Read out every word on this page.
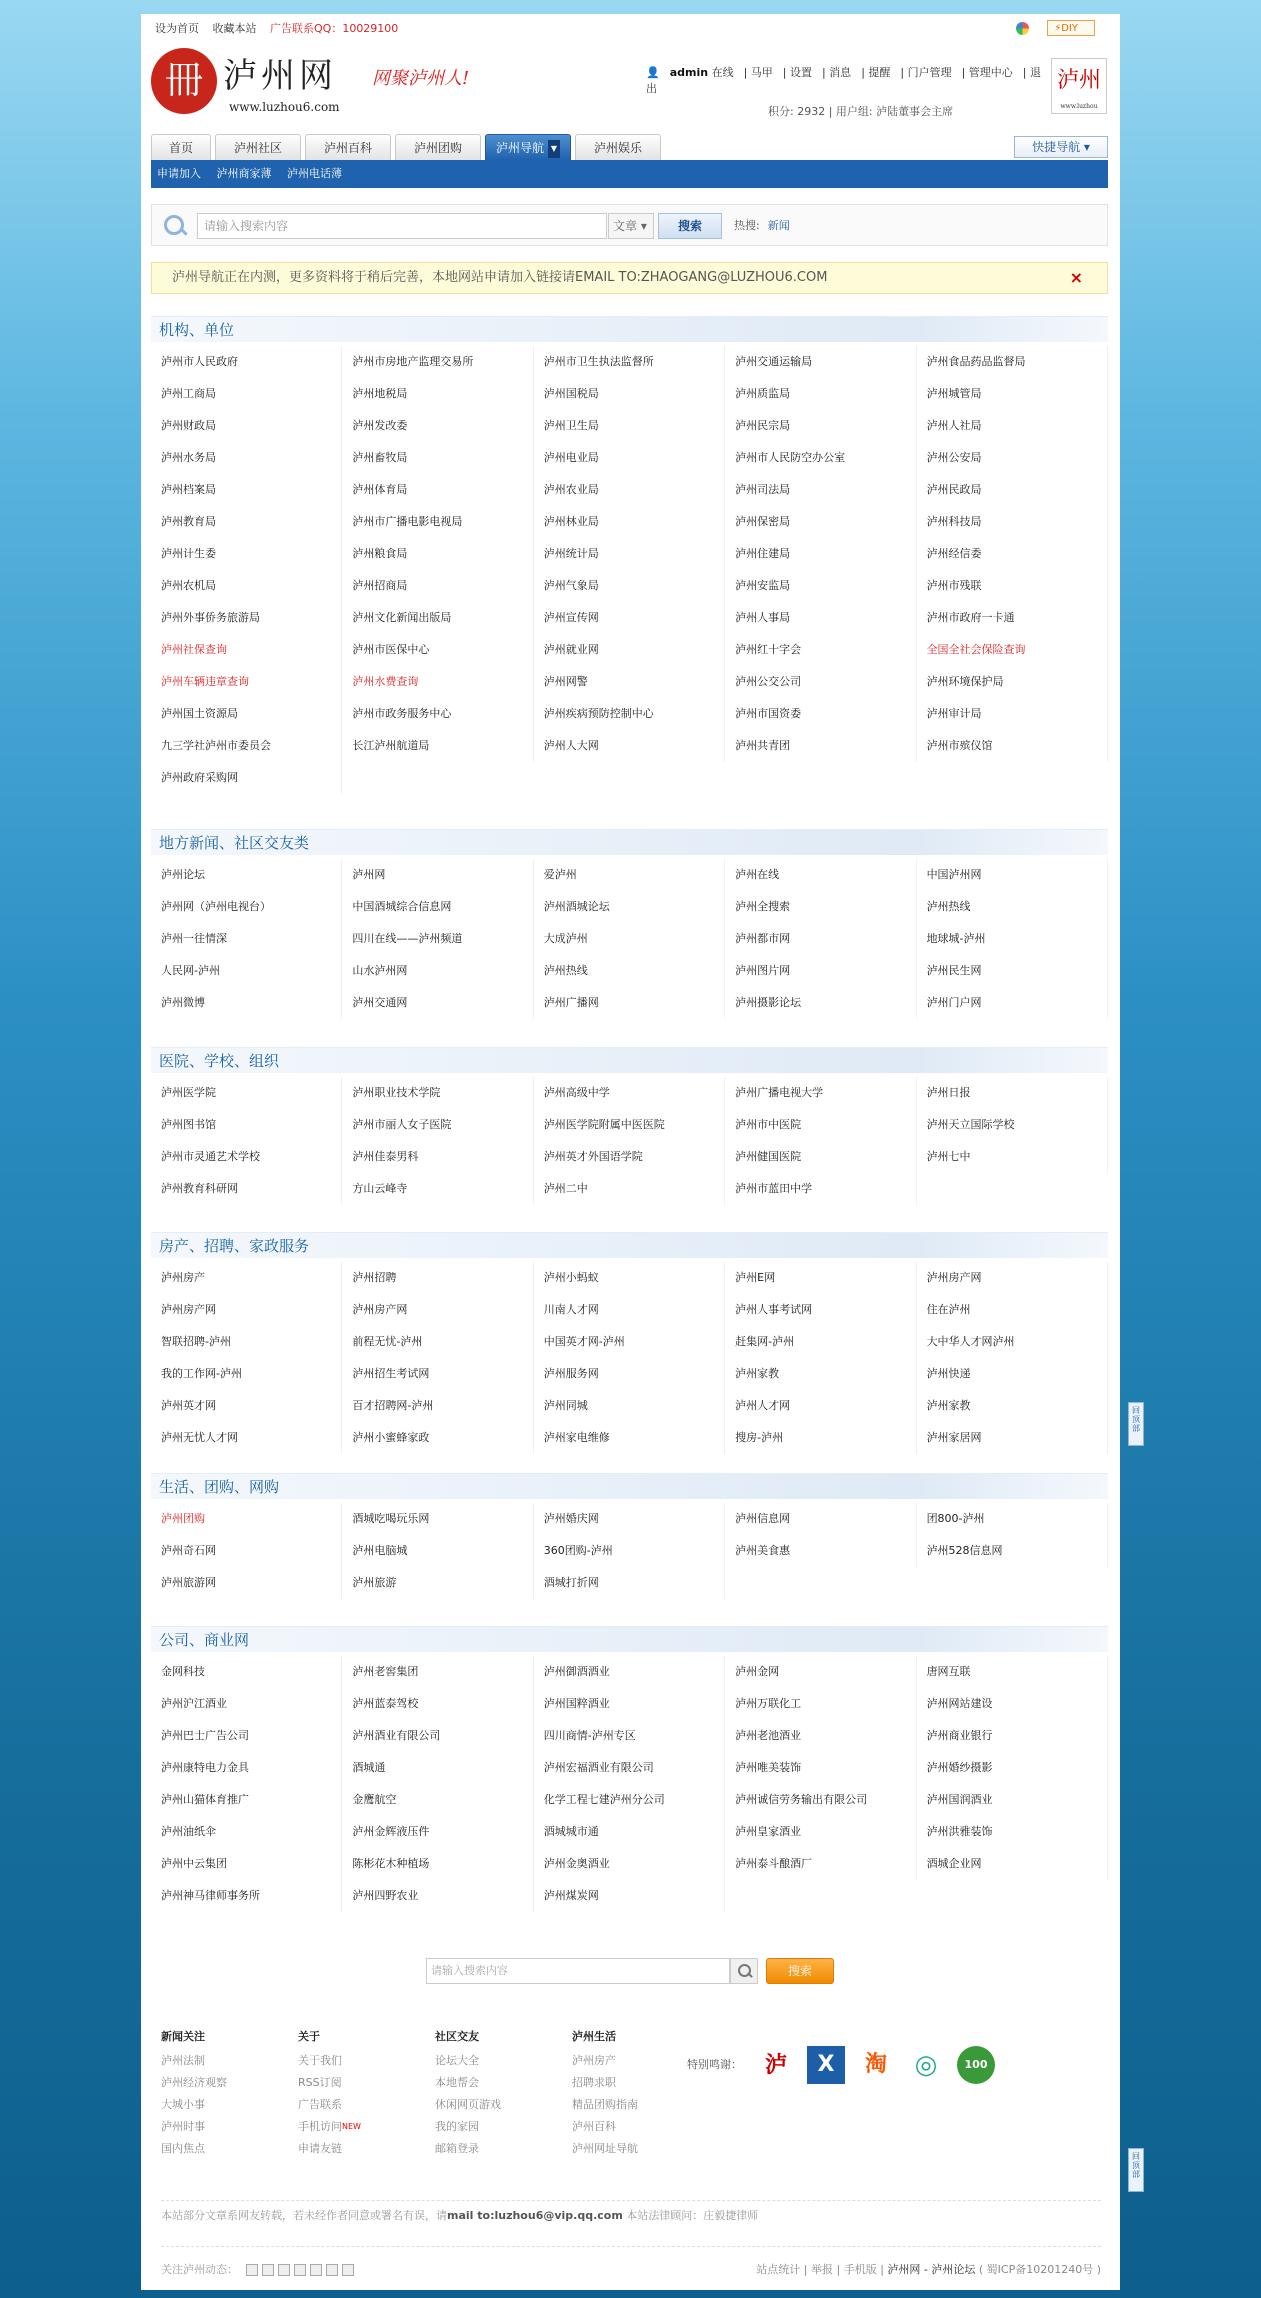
设为首页 收藏本站 广告联系QQ：10029100	⚡DIY
冊 泸州网
www.luzhou6.com
网聚泸州人!	👤 admin 在线 | 马甲 | 设置 | 消息 | 提醒 | 门户管理 | 管理中心 | 退出
积分: 2932 | 用户组: 泸陆董事会主席
泸州
www.luzhou
首页	泸州社区	泸州百科	泸州团购	泸州导航 ▼	泸州娱乐	快捷导航 ▾
申请加入 泸州商家薄 泸州电话薄
请输入搜索内容	文章 ▾	搜索	热搜: 新闻
泸州导航正在内测，更多资料将于稍后完善，本地网站申请加入链接请EMAIL TO:ZHAOGANG@LUZHOU6.COM	×
机构、单位
泸州市人民政府	泸州市房地产监理交易所	泸州市卫生执法监督所	泸州交通运输局	泸州食品药品监督局
泸州工商局	泸州地税局	泸州国税局	泸州质监局	泸州城管局
泸州财政局	泸州发改委	泸州卫生局	泸州民宗局	泸州人社局
泸州水务局	泸州畜牧局	泸州电业局	泸州市人民防空办公室	泸州公安局
泸州档案局	泸州体育局	泸州农业局	泸州司法局	泸州民政局
泸州教育局	泸州市广播电影电视局	泸州林业局	泸州保密局	泸州科技局
泸州计生委	泸州粮食局	泸州统计局	泸州住建局	泸州经信委
泸州农机局	泸州招商局	泸州气象局	泸州安监局	泸州市残联
泸州外事侨务旅游局	泸州文化新闻出版局	泸州宣传网	泸州人事局	泸州市政府一卡通
泸州社保查询	泸州市医保中心	泸州就业网	泸州红十字会	全国全社会保险查询
泸州车辆违章查询	泸州水费查询	泸州网警	泸州公交公司	泸州环境保护局
泸州国土资源局	泸州市政务服务中心	泸州疾病预防控制中心	泸州市国资委	泸州审计局
九三学社泸州市委员会	长江泸州航道局	泸州人大网	泸州共青团	泸州市殡仪馆
泸州政府采购网
地方新闻、社区交友类
泸州论坛	泸州网	爱泸州	泸州在线	中国泸州网
泸州网（泸州电视台）	中国酒城综合信息网	泸州酒城论坛	泸州全搜索	泸州热线
泸州一往情深	四川在线——泸州频道	大成泸州	泸州都市网	地球城-泸州
人民网-泸州	山水泸州网	泸州热线	泸州图片网	泸州民生网
泸州微博	泸州交通网	泸州广播网	泸州摄影论坛	泸州门户网
医院、学校、组织
泸州医学院	泸州职业技术学院	泸州高级中学	泸州广播电视大学	泸州日报
泸州图书馆	泸州市丽人女子医院	泸州医学院附属中医医院	泸州市中医院	泸州天立国际学校
泸州市灵通艺术学校	泸州佳泰男科	泸州英才外国语学院	泸州健国医院	泸州七中
泸州教育科研网	方山云峰寺	泸州二中	泸州市蓝田中学
房产、招聘、家政服务
泸州房产	泸州招聘	泸州小蚂蚁	泸州E网	泸州房产网
泸州房产网	泸州房产网	川南人才网	泸州人事考试网	住在泸州
智联招聘-泸州	前程无忧-泸州	中国英才网-泸州	赶集网-泸州	大中华人才网泸州
我的工作网-泸州	泸州招生考试网	泸州服务网	泸州家教	泸州快递
泸州英才网	百才招聘网-泸州	泸州同城	泸州人才网	泸州家教
泸州无忧人才网	泸州小蜜蜂家政	泸州家电维修	搜房-泸州	泸州家居网
生活、团购、网购
泸州团购	酒城吃喝玩乐网	泸州婚庆网	泸州信息网	团800-泸州
泸州奇石网	泸州电脑城	360团购-泸州	泸州美食惠	泸州528信息网
泸州旅游网	泸州旅游	酒城打折网
公司、商业网
金网科技	泸州老窖集团	泸州御酒酒业	泸州金网	唐网互联
泸州沪江酒业	泸州蓝泰驾校	泸州国粹酒业	泸州万联化工	泸州网站建设
泸州巴士广告公司	泸州酒业有限公司	四川商情-泸州专区	泸州老池酒业	泸州商业银行
泸州康特电力金具	酒城通	泸州宏福酒业有限公司	泸州唯美装饰	泸州婚纱摄影
泸州山猫体育推广	金鹰航空	化学工程七建泸州分公司	泸州诚信劳务输出有限公司	泸州国润酒业
泸州油纸伞	泸州金辉液压件	酒城城市通	泸州皇家酒业	泸州洪雅装饰
泸州中云集团	陈彬花木种植场	泸州金奥酒业	泸州泰斗酿酒厂	酒城企业网
泸州神马律师事务所	泸州四野农业	泸州煤炭网
请输入搜索内容	搜索
新闻关注
泸州法制
泸州经济观察
大城小事
泸州时事
国内焦点
关于
关于我们
RSS订阅
广告联系
手机访问$^{NEW}$
申请友链
社区交友
论坛大全
本地帮会
休闲网页游戏
我的家园
邮箱登录
泸州生活
泸州房产
招聘求职
精品团购指南
泸州百科
泸州网址导航
特别鸣谢：	泸	X	淘	◎	100
本站部分文章系网友转载，若未经作者同意或署名有误，请mail to:luzhou6@vip.qq.com 本站法律顾问：庄毅捷律师
关注泸州动态：	站点统计 | 举报 | 手机版 | 泸州网 - 泸州论坛 ( 蜀ICP备10201240号 )
回顶部
回顶部
